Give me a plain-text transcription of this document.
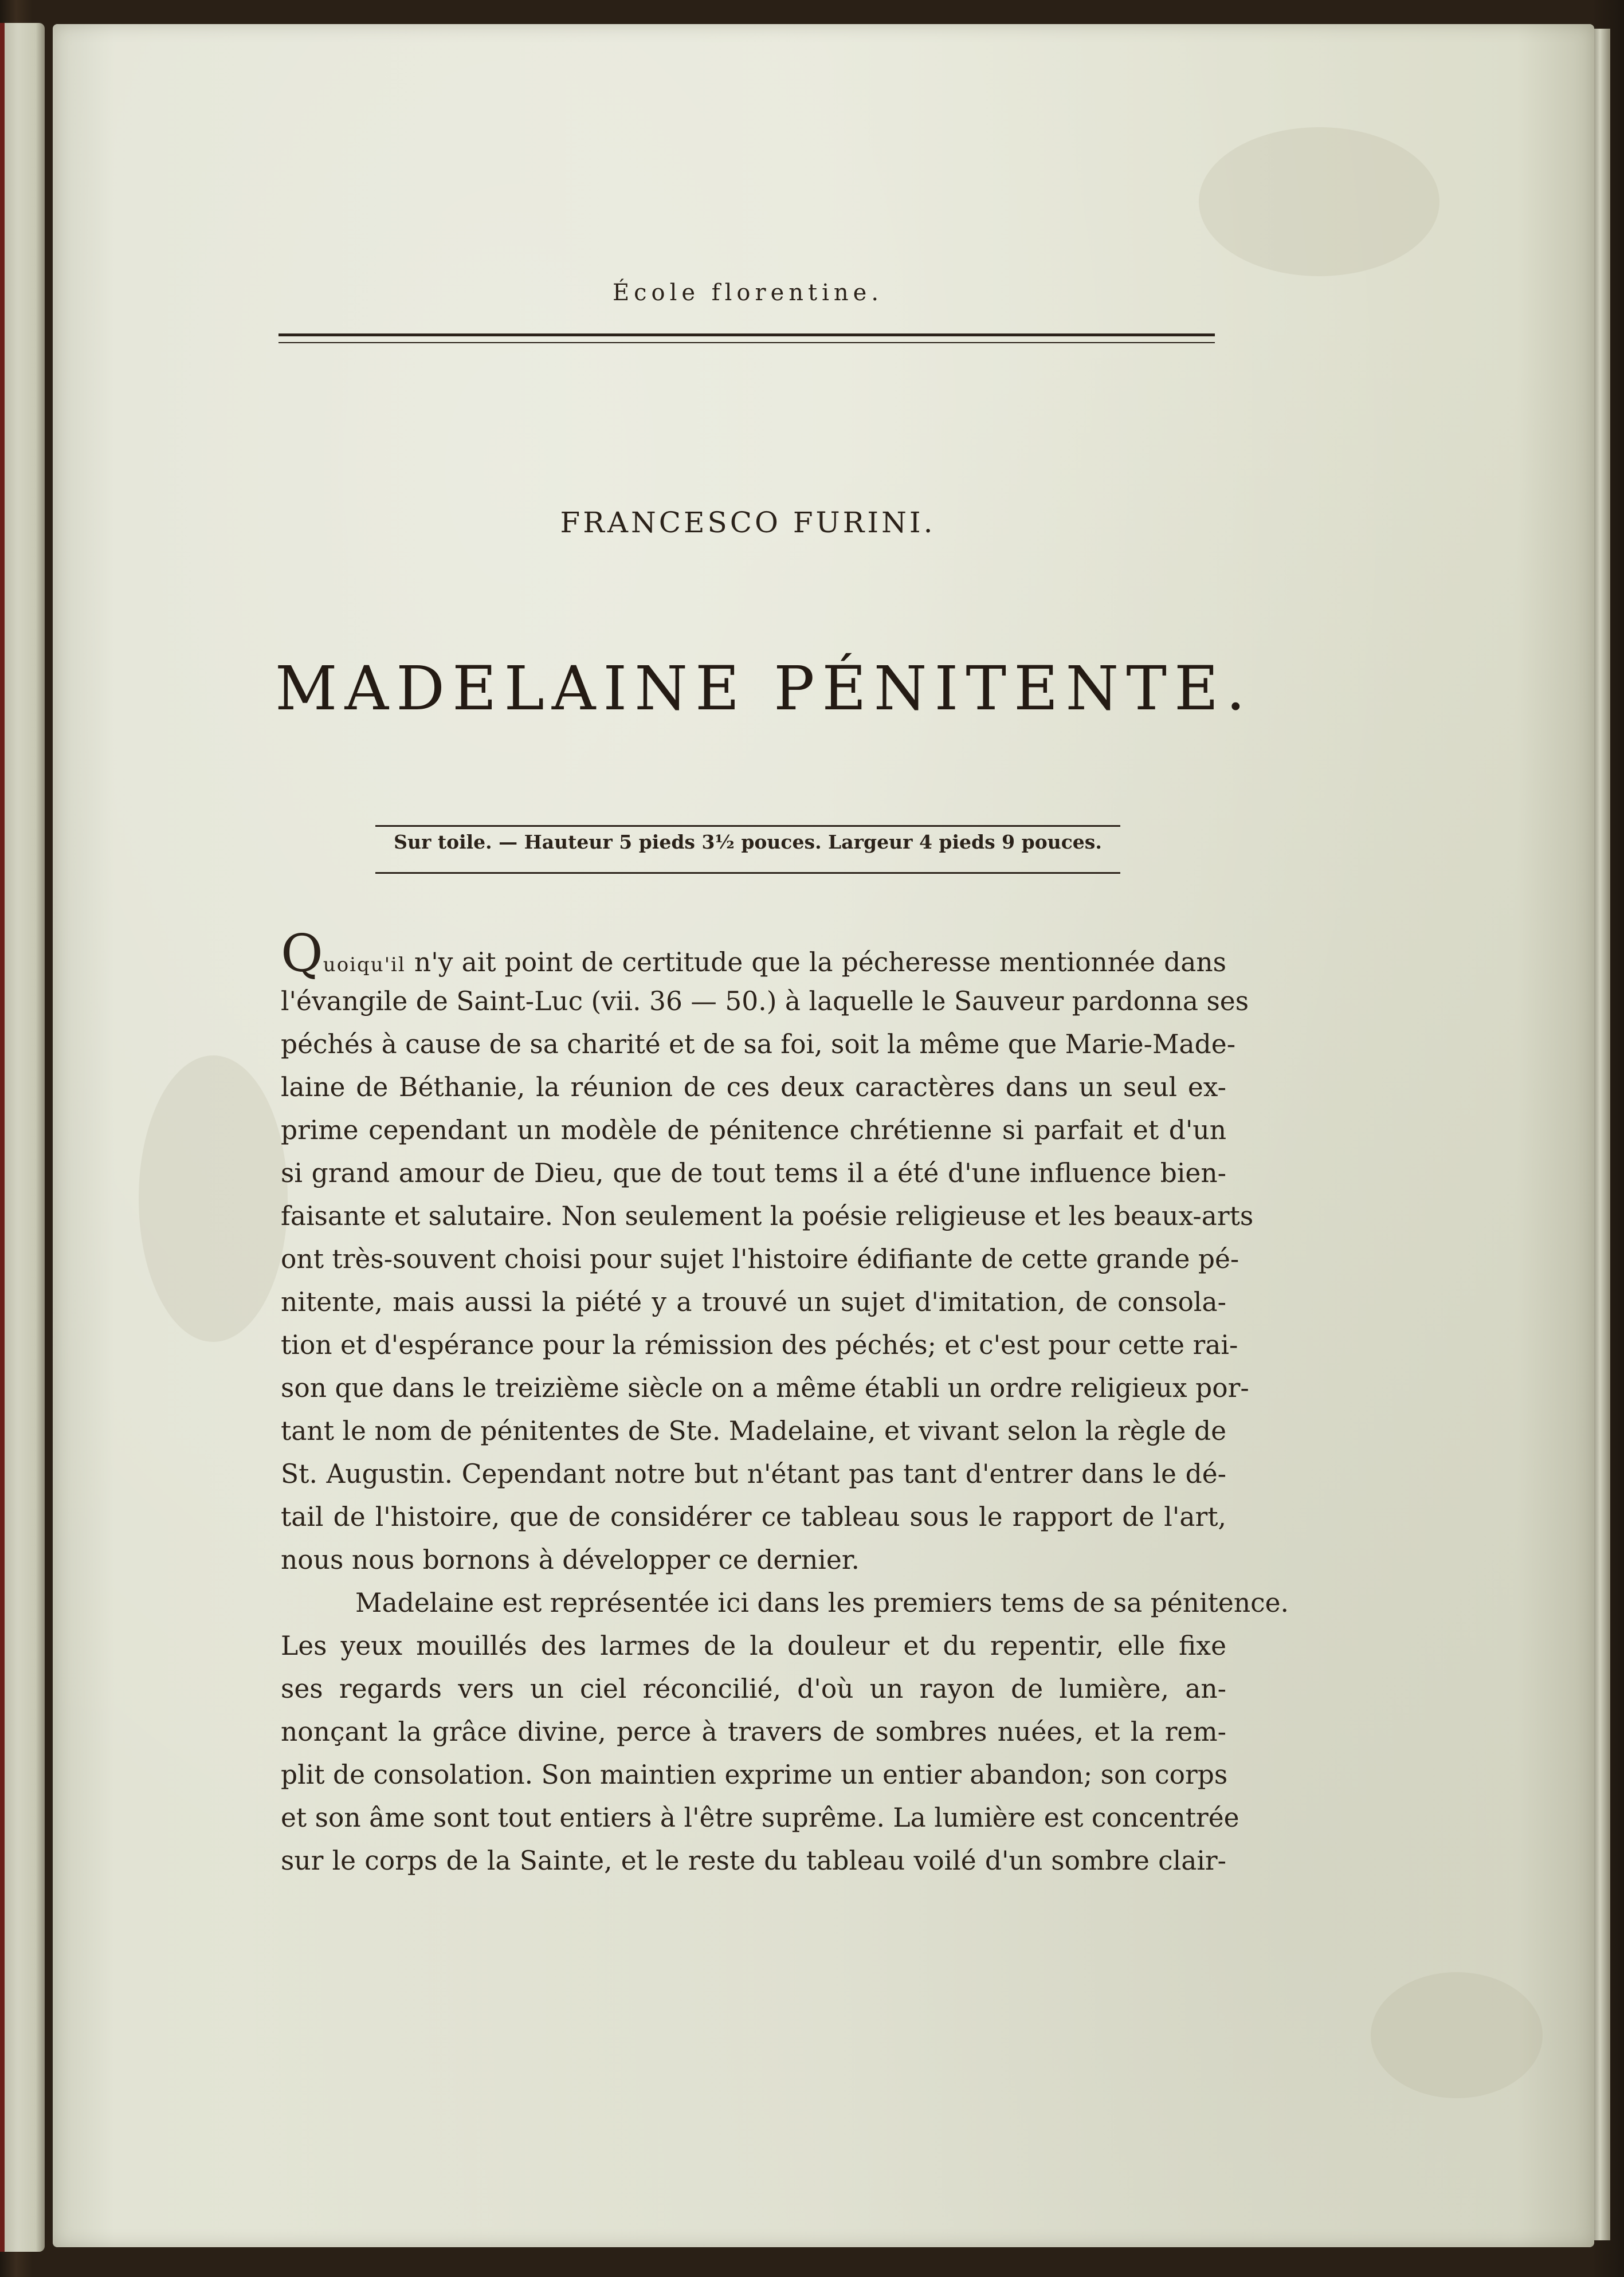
École florentine.
FRANCESCO FURINI.
MADELAINE PÉNITENTE.
Sur toile. — Hauteur 5 pieds 3½ pouces. Largeur 4 pieds 9 pouces.
Quoiqu'il n'y ait point de certitude que la pécheresse mentionnée dans
l'évangile de Saint-Luc (vii. 36 — 50.) à laquelle le Sauveur pardonna ses
péchés à cause de sa charité et de sa foi, soit la même que Marie-Made-
laine de Béthanie, la réunion de ces deux caractères dans un seul ex-
prime cependant un modèle de pénitence chrétienne si parfait et d'un
si grand amour de Dieu, que de tout tems il a été d'une influence bien-
faisante et salutaire. Non seulement la poésie religieuse et les beaux-arts
ont très-souvent choisi pour sujet l'histoire édifiante de cette grande pé-
nitente, mais aussi la piété y a trouvé un sujet d'imitation, de consola-
tion et d'espérance pour la rémission des péchés; et c'est pour cette rai-
son que dans le treizième siècle on a même établi un ordre religieux por-
tant le nom de pénitentes de Ste. Madelaine, et vivant selon la règle de
St. Augustin. Cependant notre but n'étant pas tant d'entrer dans le dé-
tail de l'histoire, que de considérer ce tableau sous le rapport de l'art,
nous nous bornons à développer ce dernier.
Madelaine est représentée ici dans les premiers tems de sa pénitence.
Les yeux mouillés des larmes de la douleur et du repentir, elle fixe
ses regards vers un ciel réconcilié, d'où un rayon de lumière, an-
nonçant la grâce divine, perce à travers de sombres nuées, et la rem-
plit de consolation. Son maintien exprime un entier abandon; son corps
et son âme sont tout entiers à l'être suprême. La lumière est concentrée
sur le corps de la Sainte, et le reste du tableau voilé d'un sombre clair-
